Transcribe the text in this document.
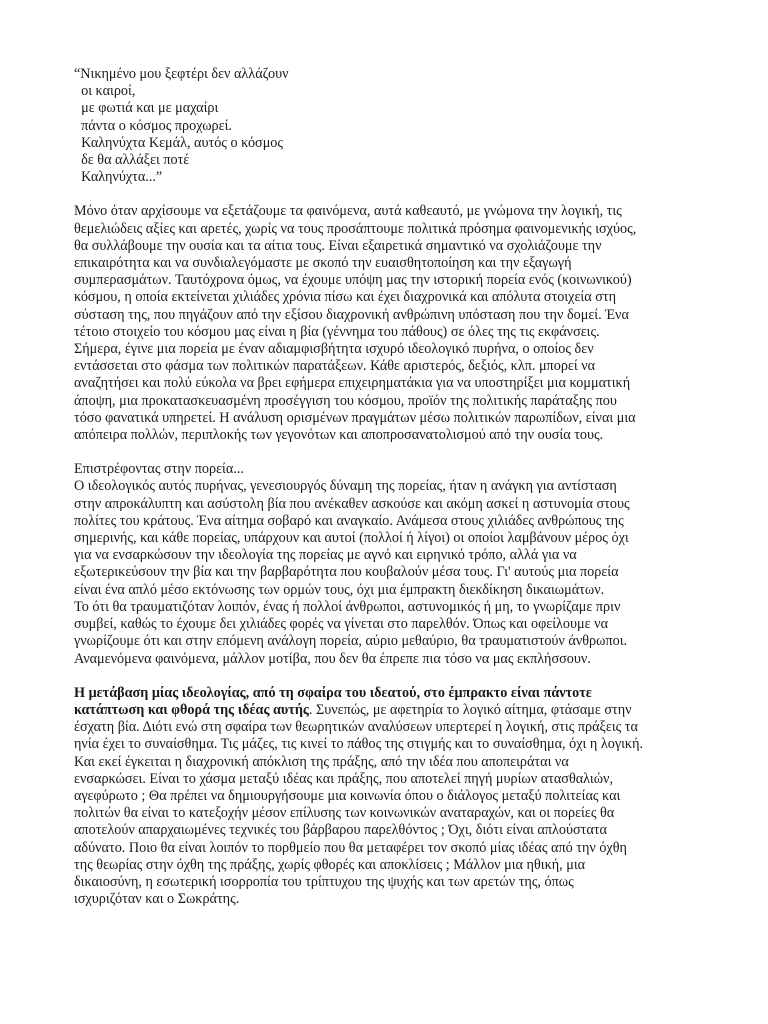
“Νικημένο μου ξεφτέρι δεν αλλάζουν
οι καιροί,
με φωτιά και με μαχαίρι
πάντα ο κόσμος προχωρεί.
Καληνύχτα Κεμάλ, αυτός ο κόσμος
δε θα αλλάξει ποτέ
Καληνύχτα...”
Μόνο όταν αρχίσουμε να εξετάζουμε τα φαινόμενα, αυτά καθεαυτό, με γνώμονα την λογική, τις
θεμελιώδεις αξίες και αρετές, χωρίς να τους προσάπτουμε πολιτικά πρόσημα φαινομενικής ισχύος,
θα συλλάβουμε την ουσία και τα αίτια τους. Είναι εξαιρετικά σημαντικό να σχολιάζουμε την
επικαιρότητα και να συνδιαλεγόμαστε με σκοπό την ευαισθητοποίηση και την εξαγωγή
συμπερασμάτων. Ταυτόχρονα όμως, να έχουμε υπόψη μας την ιστορική πορεία ενός (κοινωνικού)
κόσμου, η οποία εκτείνεται χιλιάδες χρόνια πίσω και έχει διαχρονικά και απόλυτα στοιχεία στη
σύσταση της, που πηγάζουν από την εξίσου διαχρονική ανθρώπινη υπόσταση που την δομεί. Ένα
τέτοιο στοιχείο του κόσμου μας είναι η βία (γέννημα του πάθους) σε όλες της τις εκφάνσεις.
Σήμερα, έγινε μια πορεία με έναν αδιαμφισβήτητα ισχυρό ιδεολογικό πυρήνα, ο οποίος δεν
εντάσσεται στο φάσμα των πολιτικών παρατάξεων. Κάθε αριστερός, δεξιός, κλπ. μπορεί να
αναζητήσει και πολύ εύκολα να βρει εφήμερα επιχειρηματάκια για να υποστηρίξει μια κομματική
άποψη, μια προκατασκευασμένη προσέγγιση του κόσμου, προϊόν της πολιτικής παράταξης που
τόσο φανατικά υπηρετεί. Η ανάλυση ορισμένων πραγμάτων μέσω πολιτικών παρωπίδων, είναι μια
απόπειρα πολλών, περιπλοκής των γεγονότων και αποπροσανατολισμού από την ουσία τους.
Επιστρέφοντας στην πορεία...
Ο ιδεολογικός αυτός πυρήνας, γενεσιουργός δύναμη της πορείας, ήταν η ανάγκη για αντίσταση
στην απροκάλυπτη και ασύστολη βία που ανέκαθεν ασκούσε και ακόμη ασκεί η αστυνομία στους
πολίτες του κράτους. Ένα αίτημα σοβαρό και αναγκαίο. Ανάμεσα στους χιλιάδες ανθρώπους της
σημερινής, και κάθε πορείας, υπάρχουν και αυτοί (πολλοί ή λίγοι) οι οποίοι λαμβάνουν μέρος όχι
για να ενσαρκώσουν την ιδεολογία της πορείας με αγνό και ειρηνικό τρόπο, αλλά για να
εξωτερικεύσουν την βία και την βαρβαρότητα που κουβαλούν μέσα τους. Γι' αυτούς μια πορεία
είναι ένα απλό μέσο εκτόνωσης των ορμών τους, όχι μια έμπρακτη διεκδίκηση δικαιωμάτων.
Το ότι θα τραυματιζόταν λοιπόν, ένας ή πολλοί άνθρωποι, αστυνομικός ή μη, το γνωρίζαμε πριν
συμβεί, καθώς το έχουμε δει χιλιάδες φορές να γίνεται στο παρελθόν. Όπως και οφείλουμε να
γνωρίζουμε ότι και στην επόμενη ανάλογη πορεία, αύριο μεθαύριο, θα τραυματιστούν άνθρωποι.
Αναμενόμενα φαινόμενα, μάλλον μοτίβα, που δεν θα έπρεπε πια τόσο να μας εκπλήσσουν.
Η μετάβαση μίας ιδεολογίας, από τη σφαίρα του ιδεατού, στο έμπρακτο είναι πάντοτε
κατάπτωση και φθορά της ιδέας αυτής. Συνεπώς, με αφετηρία το λογικό αίτημα, φτάσαμε στην
έσχατη βία. Διότι ενώ στη σφαίρα των θεωρητικών αναλύσεων υπερτερεί η λογική, στις πράξεις τα
ηνία έχει το συναίσθημα. Τις μάζες, τις κινεί το πάθος της στιγμής και το συναίσθημα, όχι η λογική.
Και εκεί έγκειται η διαχρονική απόκλιση της πράξης, από την ιδέα που αποπειράται να
ενσαρκώσει. Είναι το χάσμα μεταξύ ιδέας και πράξης, που αποτελεί πηγή μυρίων ατασθαλιών,
αγεφύρωτο ; Θα πρέπει να δημιουργήσουμε μια κοινωνία όπου ο διάλογος μεταξύ πολιτείας και
πολιτών θα είναι το κατεξοχήν μέσον επίλυσης των κοινωνικών αναταραχών, και οι πορείες θα
αποτελούν απαρχαιωμένες τεχνικές του βάρβαρου παρελθόντος ; Όχι, διότι είναι απλούστατα
αδύνατο. Ποιο θα είναι λοιπόν το πορθμείο που θα μεταφέρει τον σκοπό μίας ιδέας από την όχθη
της θεωρίας στην όχθη της πράξης, χωρίς φθορές και αποκλίσεις ; Μάλλον μια ηθική, μια
δικαιοσύνη, η εσωτερική ισορροπία του τρίπτυχου της ψυχής και των αρετών της, όπως
ισχυριζόταν και ο Σωκράτης.
